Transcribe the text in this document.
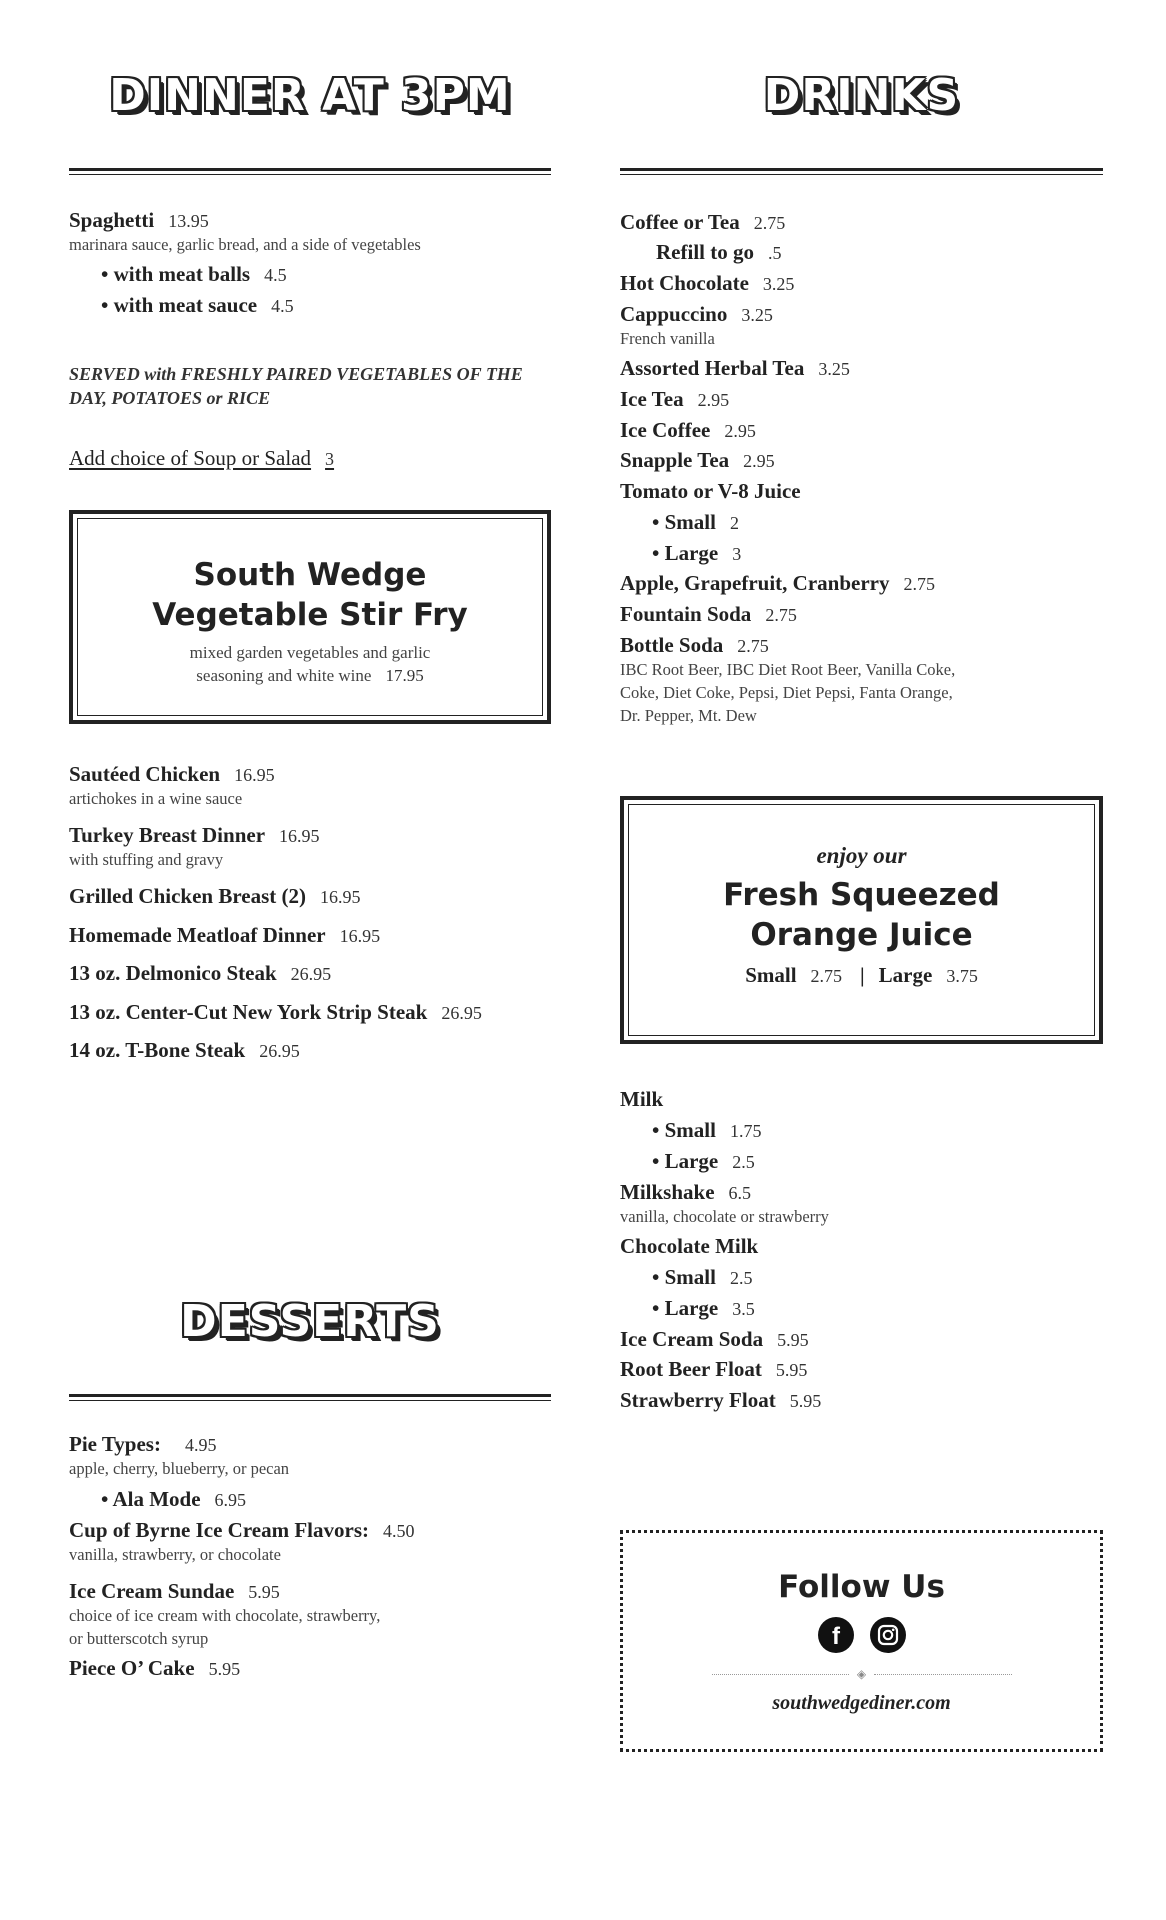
DINNER AT 3PM
Spaghetti 13.95
marinara sauce, garlic bread, and a side of vegetables
• with meat balls 4.5
• with meat sauce 4.5
SERVED with FRESHLY PAIRED VEGETABLES OF THE DAY, POTATOES or RICE
Add choice of Soup or Salad 3
South Wedge
Vegetable Stir Fry
mixed garden vegetables and garlic
seasoning and white wine 17.95
Sautéed Chicken 16.95
artichokes in a wine sauce
Turkey Breast Dinner 16.95
with stuffing and gravy
Grilled Chicken Breast (2) 16.95
Homemade Meatloaf Dinner 16.95
13 oz. Delmonico Steak 26.95
13 oz. Center-Cut New York Strip Steak 26.95
14 oz. T-Bone Steak 26.95
DESSERTS
Pie Types: 4.95
apple, cherry, blueberry, or pecan
• Ala Mode 6.95
Cup of Byrne Ice Cream Flavors: 4.50
vanilla, strawberry, or chocolate
Ice Cream Sundae 5.95
choice of ice cream with chocolate, strawberry,
or butterscotch syrup
Piece O’ Cake 5.95
DRINKS
Coffee or Tea 2.75
Refill to go .5
Hot Chocolate 3.25
Cappuccino 3.25
French vanilla
Assorted Herbal Tea 3.25
Ice Tea 2.95
Ice Coffee 2.95
Snapple Tea 2.95
Tomato or V-8 Juice
• Small 2
• Large 3
Apple, Grapefruit, Cranberry 2.75
Fountain Soda 2.75
Bottle Soda 2.75
IBC Root Beer, IBC Diet Root Beer, Vanilla Coke,
Coke, Diet Coke, Pepsi, Diet Pepsi, Fanta Orange,
Dr. Pepper, Mt. Dew
enjoy our
Fresh Squeezed
Orange Juice
Small 2.75 | Large 3.75
Milk
• Small 1.75
• Large 2.5
Milkshake 6.5
vanilla, chocolate or strawberry
Chocolate Milk
• Small 2.5
• Large 3.5
Ice Cream Soda 5.95
Root Beer Float 5.95
Strawberry Float 5.95
Follow Us
f
◈
southwedgediner.com
